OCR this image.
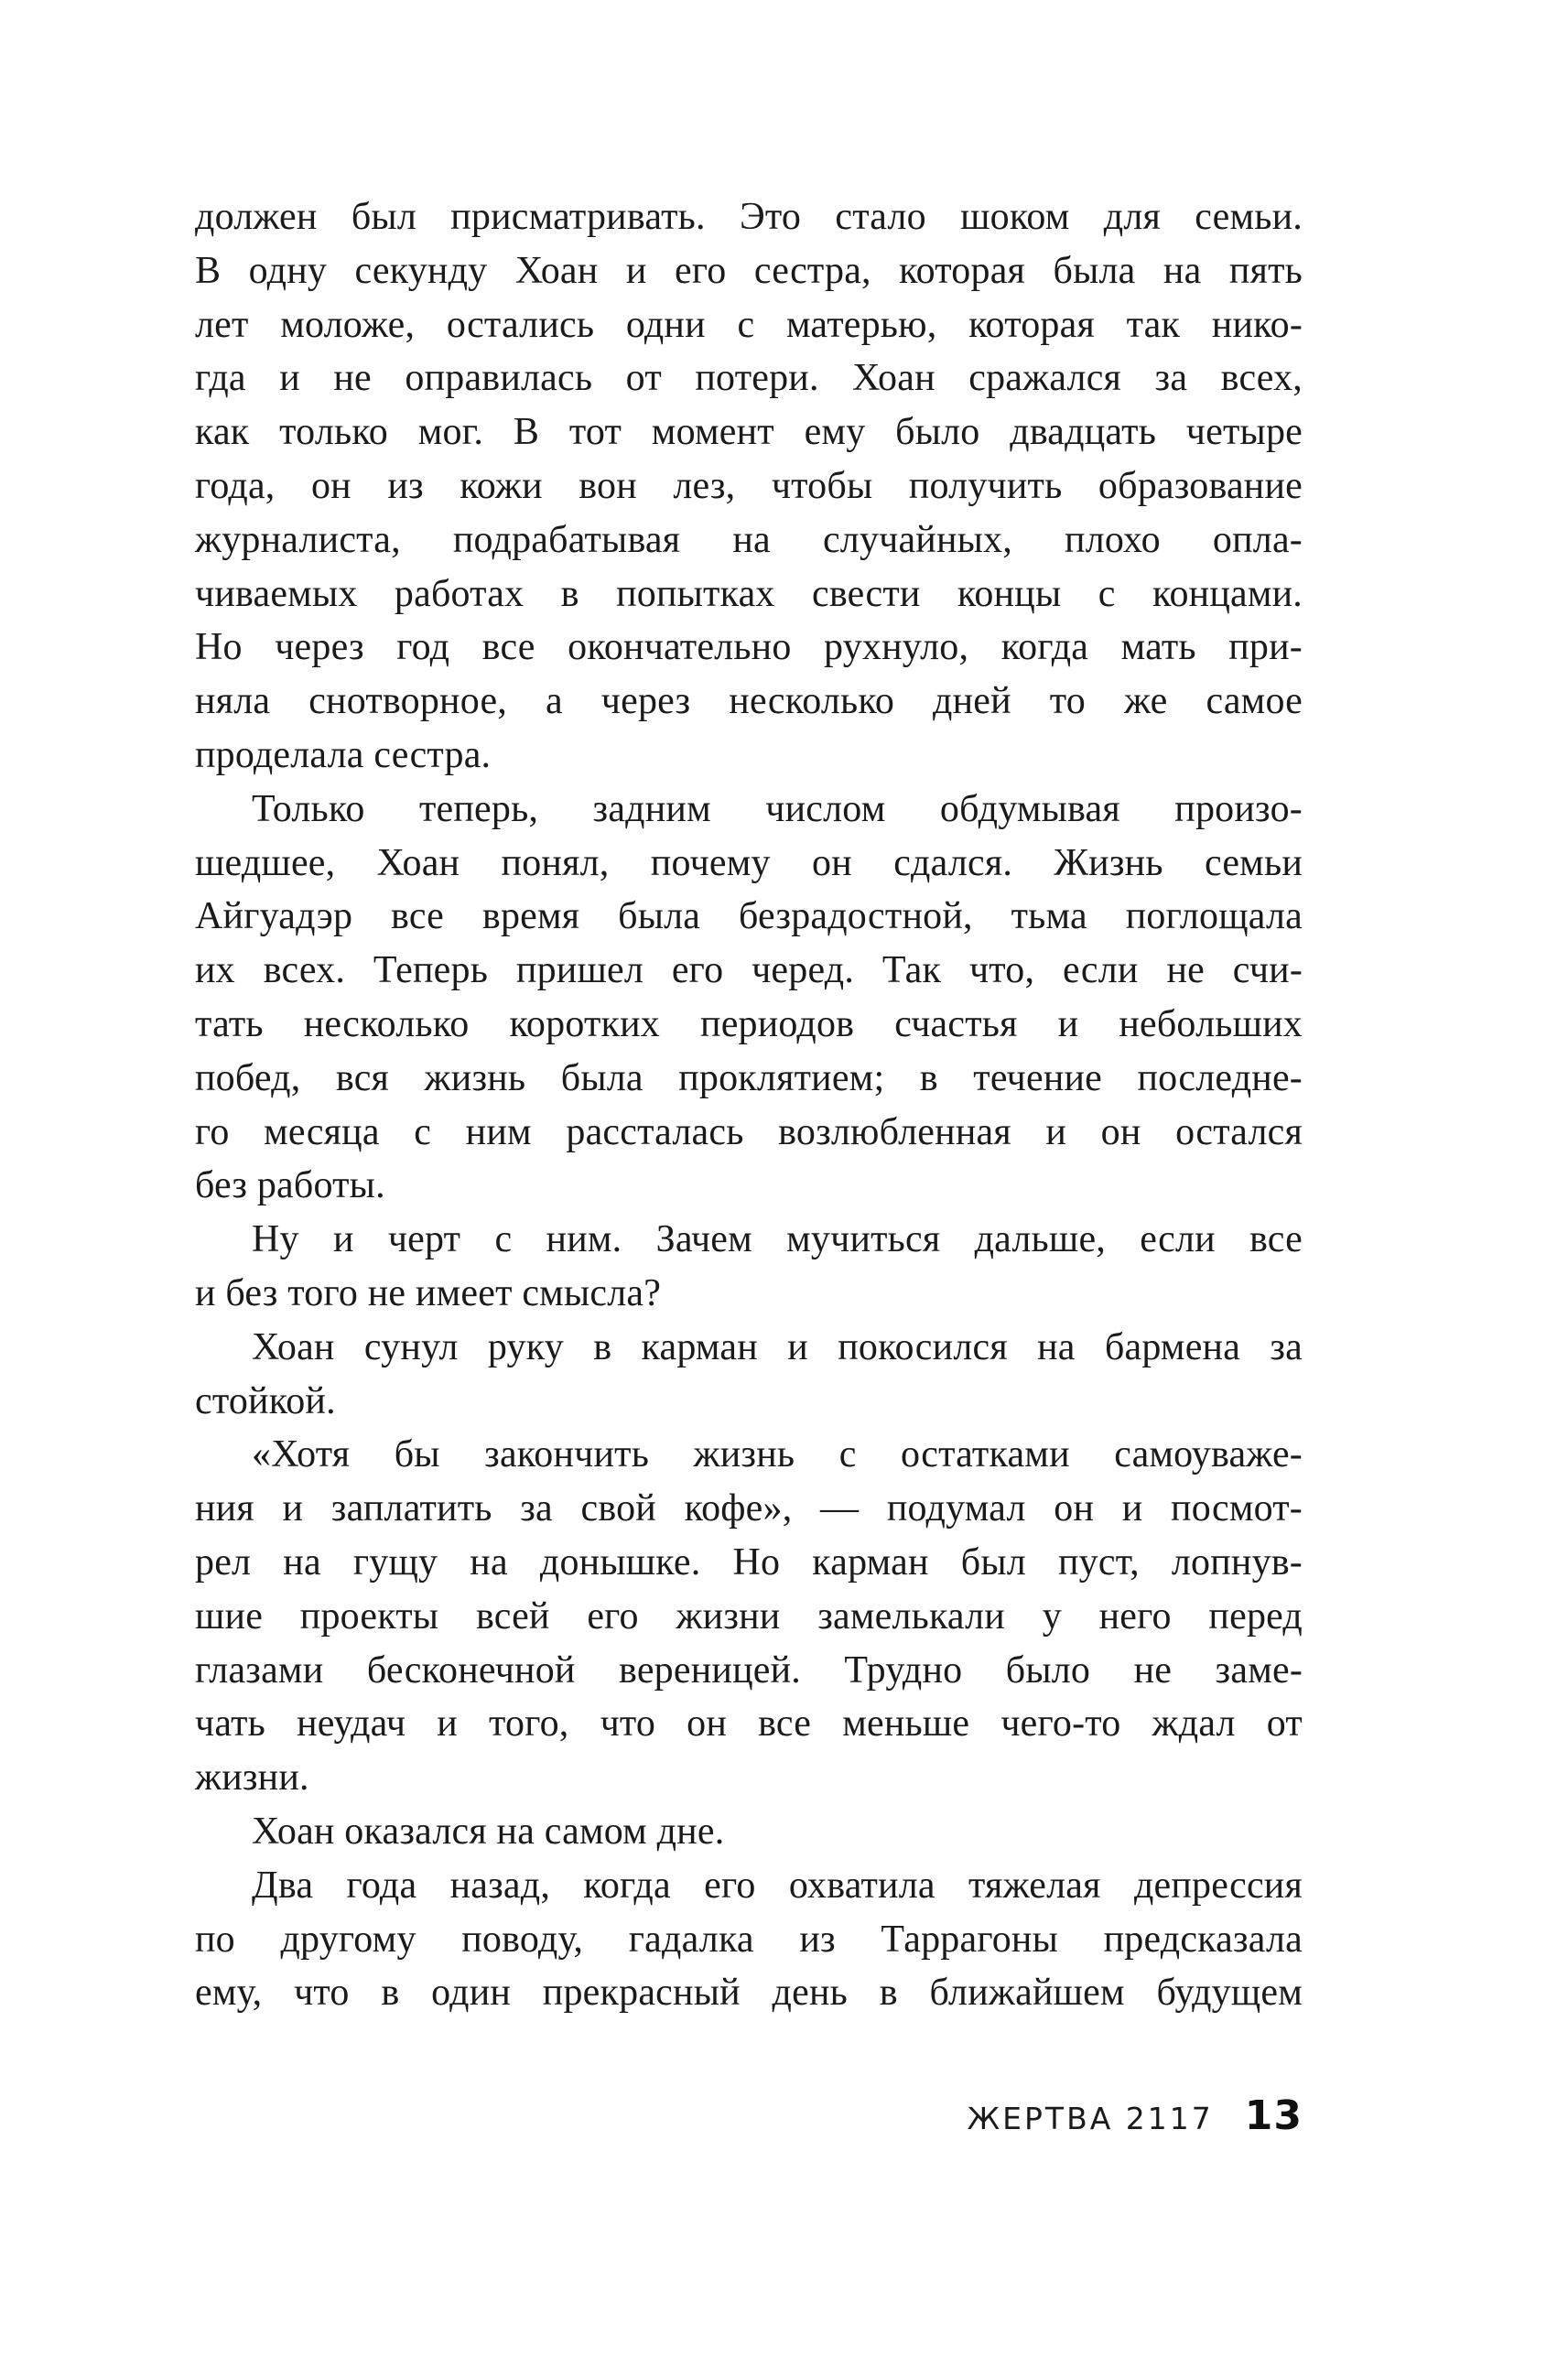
должен был присматривать. Это стало шоком для семьи.
В одну секунду Хоан и его сестра, которая была на пять
лет моложе, остались одни с матерью, которая так нико-
гда и не оправилась от потери. Хоан сражался за всех,
как только мог. В тот момент ему было двадцать четыре
года, он из кожи вон лез, чтобы получить образование
журналиста, подрабатывая на случайных, плохо опла-
чиваемых работах в попытках свести концы с концами.
Но через год все окончательно рухнуло, когда мать при-
няла снотворное, а через несколько дней то же самое
проделала сестра.
Только теперь, задним числом обдумывая произо-
шедшее, Хоан понял, почему он сдался. Жизнь семьи
Айгуадэр все время была безрадостной, тьма поглощала
их всех. Теперь пришел его черед. Так что, если не счи-
тать несколько коротких периодов счастья и небольших
побед, вся жизнь была проклятием; в течение последне-
го месяца с ним рассталась возлюбленная и он остался
без работы.
Ну и черт с ним. Зачем мучиться дальше, если все
и без того не имеет смысла?
Хоан сунул руку в карман и покосился на бармена за
стойкой.
«Хотя бы закончить жизнь с остатками самоуваже-
ния и заплатить за свой кофе», — подумал он и посмот-
рел на гущу на донышке. Но карман был пуст, лопнув-
шие проекты всей его жизни замелькали у него перед
глазами бесконечной вереницей. Трудно было не заме-
чать неудач и того, что он все меньше чего-то ждал от
жизни.
Хоан оказался на самом дне.
Два года назад, когда его охватила тяжелая депрессия
по другому поводу, гадалка из Таррагоны предсказала
ему, что в один прекрасный день в ближайшем будущем
ЖЕРТВА 2117 13
